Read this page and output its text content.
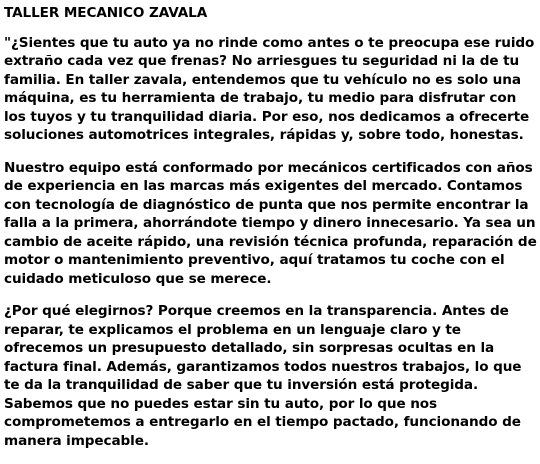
TALLER MECANICO ZAVALA
"¿Sientes que tu auto ya no rinde como antes o te preocupa ese ruido
extraño cada vez que frenas? No arriesgues tu seguridad ni la de tu
familia. En taller zavala, entendemos que tu vehículo no es solo una
máquina, es tu herramienta de trabajo, tu medio para disfrutar con
los tuyos y tu tranquilidad diaria. Por eso, nos dedicamos a ofrecerte
soluciones automotrices integrales, rápidas y, sobre todo, honestas.
Nuestro equipo está conformado por mecánicos certificados con años
de experiencia en las marcas más exigentes del mercado. Contamos
con tecnología de diagnóstico de punta que nos permite encontrar la
falla a la primera, ahorrándote tiempo y dinero innecesario. Ya sea un
cambio de aceite rápido, una revisión técnica profunda, reparación de
motor o mantenimiento preventivo, aquí tratamos tu coche con el
cuidado meticuloso que se merece.
¿Por qué elegirnos? Porque creemos en la transparencia. Antes de
reparar, te explicamos el problema en un lenguaje claro y te
ofrecemos un presupuesto detallado, sin sorpresas ocultas en la
factura final. Además, garantizamos todos nuestros trabajos, lo que
te da la tranquilidad de saber que tu inversión está protegida.
Sabemos que no puedes estar sin tu auto, por lo que nos
comprometemos a entregarlo en el tiempo pactado, funcionando de
manera impecable.
